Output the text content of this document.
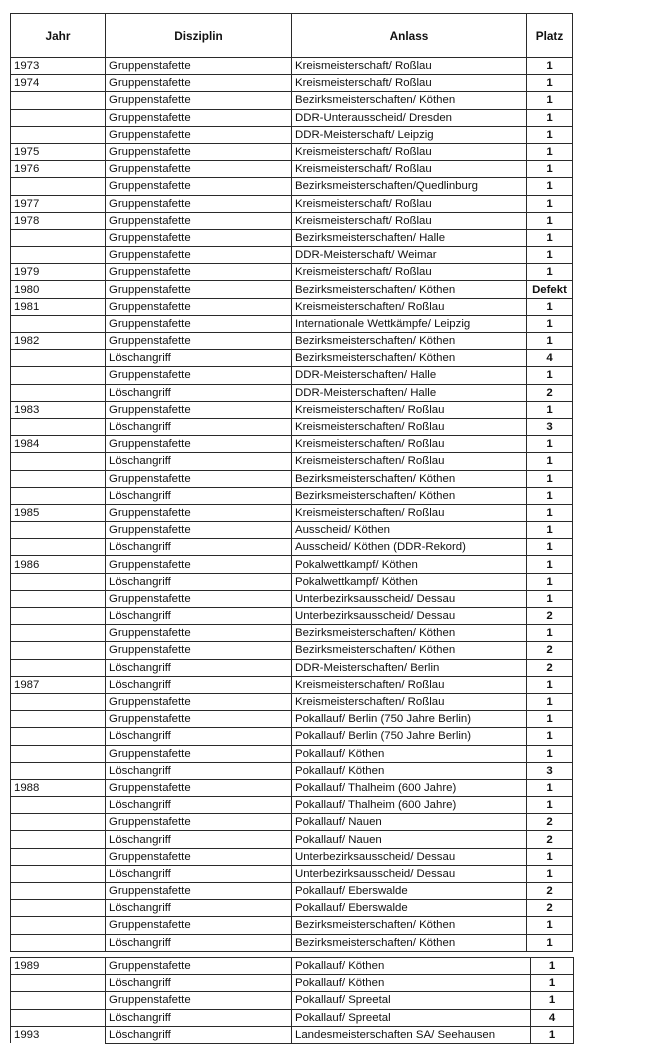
Jahr	Disziplin	Anlass	Platz
1973	Gruppenstafette	Kreismeisterschaft/ Roßlau	1
1974	Gruppenstafette	Kreismeisterschaft/ Roßlau	1
	Gruppenstafette	Bezirksmeisterschaften/ Köthen	1
	Gruppenstafette	DDR-Unterausscheid/ Dresden	1
	Gruppenstafette	DDR-Meisterschaft/ Leipzig	1
1975	Gruppenstafette	Kreismeisterschaft/ Roßlau	1
1976	Gruppenstafette	Kreismeisterschaft/ Roßlau	1
	Gruppenstafette	Bezirksmeisterschaften/Quedlinburg	1
1977	Gruppenstafette	Kreismeisterschaft/ Roßlau	1
1978	Gruppenstafette	Kreismeisterschaft/ Roßlau	1
	Gruppenstafette	Bezirksmeisterschaften/ Halle	1
	Gruppenstafette	DDR-Meisterschaft/ Weimar	1
1979	Gruppenstafette	Kreismeisterschaft/ Roßlau	1
1980	Gruppenstafette	Bezirksmeisterschaften/ Köthen	Defekt
1981	Gruppenstafette	Kreismeisterschaften/ Roßlau	1
	Gruppenstafette	Internationale Wettkämpfe/ Leipzig	1
1982	Gruppenstafette	Bezirksmeisterschaften/ Köthen	1
	Löschangriff	Bezirksmeisterschaften/ Köthen	4
	Gruppenstafette	DDR-Meisterschaften/ Halle	1
	Löschangriff	DDR-Meisterschaften/ Halle	2
1983	Gruppenstafette	Kreismeisterschaften/ Roßlau	1
	Löschangriff	Kreismeisterschaften/ Roßlau	3
1984	Gruppenstafette	Kreismeisterschaften/ Roßlau	1
	Löschangriff	Kreismeisterschaften/ Roßlau	1
	Gruppenstafette	Bezirksmeisterschaften/ Köthen	1
	Löschangriff	Bezirksmeisterschaften/ Köthen	1
1985	Gruppenstafette	Kreismeisterschaften/ Roßlau	1
	Gruppenstafette	Ausscheid/ Köthen	1
	Löschangriff	Ausscheid/ Köthen (DDR-Rekord)	1
1986	Gruppenstafette	Pokalwettkampf/ Köthen	1
	Löschangriff	Pokalwettkampf/ Köthen	1
	Gruppenstafette	Unterbezirksausscheid/ Dessau	1
	Löschangriff	Unterbezirksausscheid/ Dessau	2
	Gruppenstafette	Bezirksmeisterschaften/ Köthen	1
	Gruppenstafette	Bezirksmeisterschaften/ Köthen	2
	Löschangriff	DDR-Meisterschaften/ Berlin	2
1987	Löschangriff	Kreismeisterschaften/ Roßlau	1
	Gruppenstafette	Kreismeisterschaften/ Roßlau	1
	Gruppenstafette	Pokallauf/ Berlin (750 Jahre Berlin)	1
	Löschangriff	Pokallauf/ Berlin (750 Jahre Berlin)	1
	Gruppenstafette	Pokallauf/ Köthen	1
	Löschangriff	Pokallauf/ Köthen	3
1988	Gruppenstafette	Pokallauf/ Thalheim (600 Jahre)	1
	Löschangriff	Pokallauf/ Thalheim (600 Jahre)	1
	Gruppenstafette	Pokallauf/ Nauen	2
	Löschangriff	Pokallauf/ Nauen	2
	Gruppenstafette	Unterbezirksausscheid/ Dessau	1
	Löschangriff	Unterbezirksausscheid/ Dessau	1
	Gruppenstafette	Pokallauf/ Eberswalde	2
	Löschangriff	Pokallauf/ Eberswalde	2
	Gruppenstafette	Bezirksmeisterschaften/ Köthen	1
	Löschangriff	Bezirksmeisterschaften/ Köthen	1
1989	Gruppenstafette	Pokallauf/ Köthen	1
	Löschangriff	Pokallauf/ Köthen	1
	Gruppenstafette	Pokallauf/ Spreetal	1
	Löschangriff	Pokallauf/ Spreetal	4
1993	Löschangriff	Landesmeisterschaften SA/ Seehausen	1
